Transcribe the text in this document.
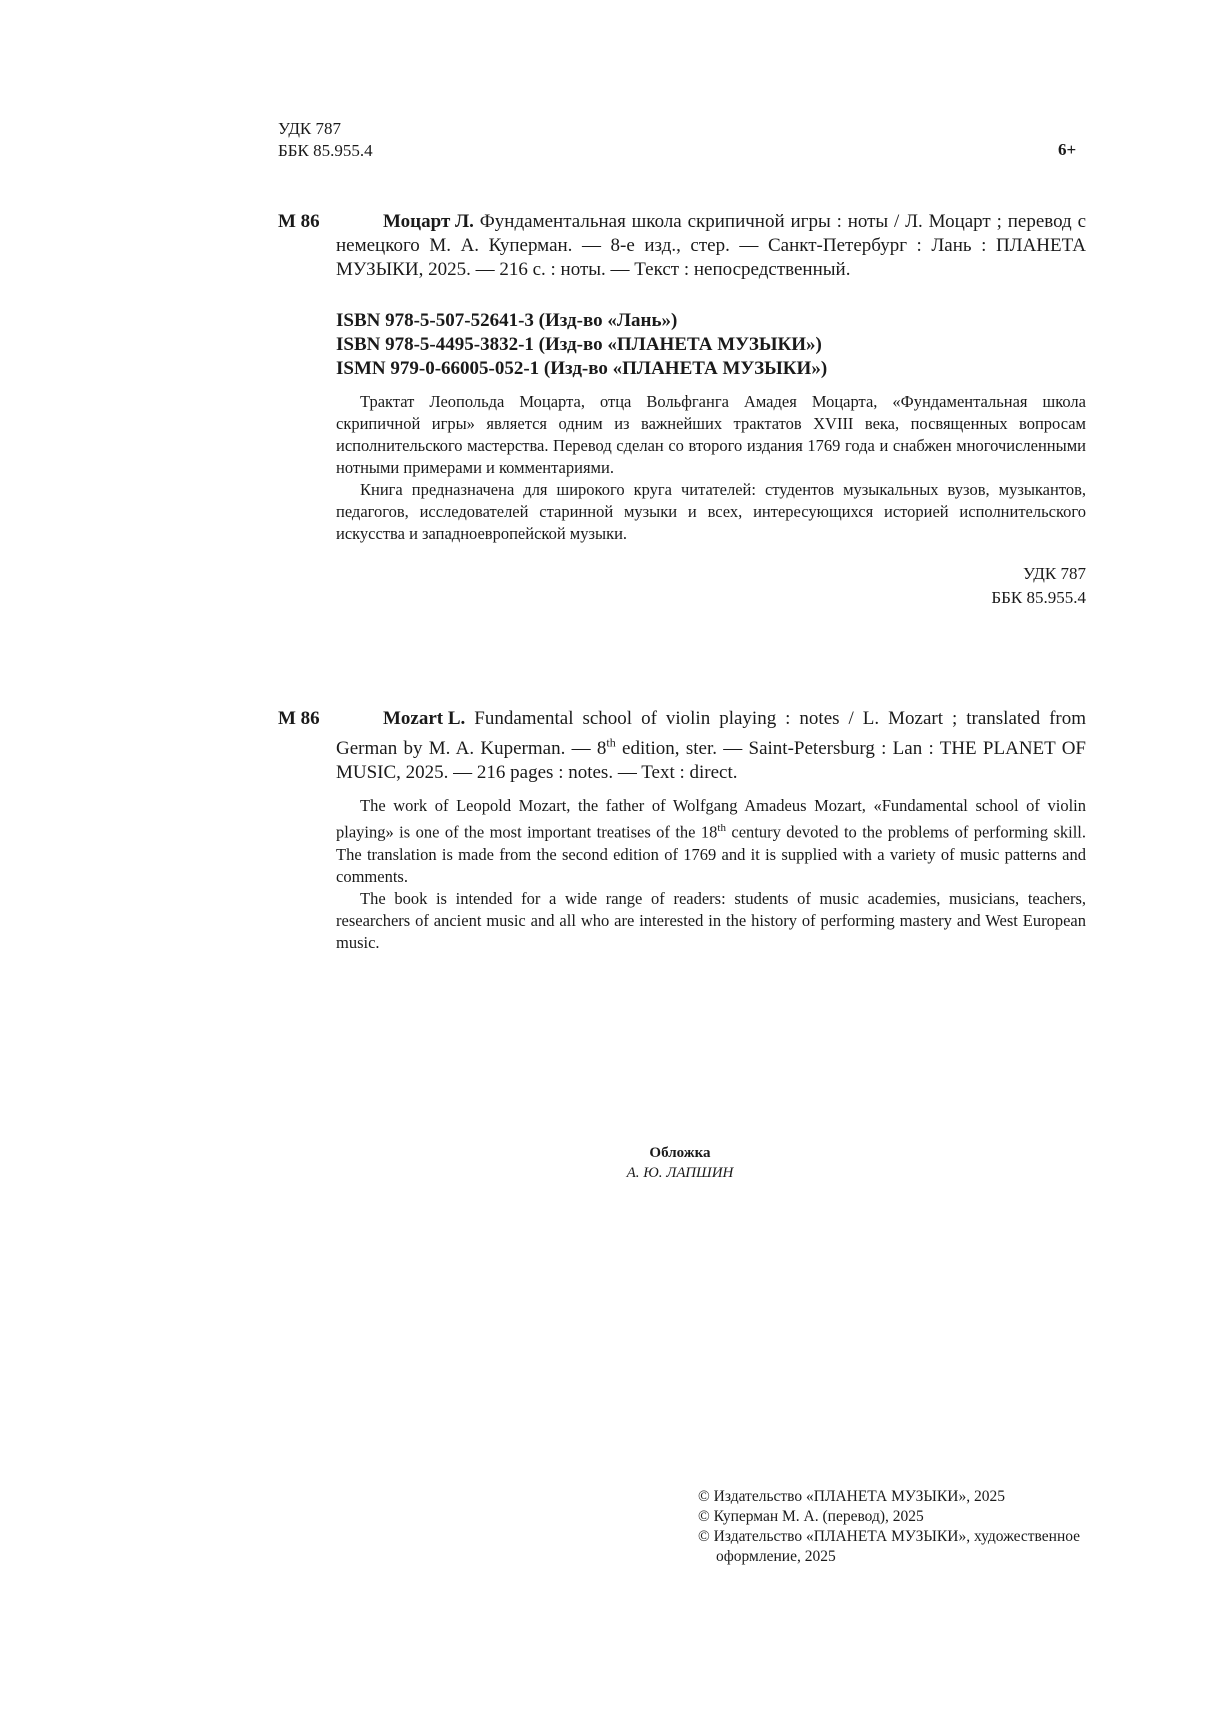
УДК 787
ББК 85.955.4	6+
М 86	Моцарт Л. Фундаментальная школа скрипичной игры : ноты / Л. Моцарт ; перевод с немецкого М. А. Куперман. — 8-е изд., стер. — Санкт-Петербург : Лань : ПЛАНЕТА МУЗЫКИ, 2025. — 216 с. : ноты. — Текст : непосредственный.
ISBN 978-5-507-52641-3 (Изд-во «Лань»)
ISBN 978-5-4495-3832-1 (Изд-во «ПЛАНЕТА МУЗЫКИ»)
ISMN 979-0-66005-052-1 (Изд-во «ПЛАНЕТА МУЗЫКИ»)

Трактат Леопольда Моцарта, отца Вольфганга Амадея Моцарта, «Фундаментальная школа скрипичной игры» является одним из важнейших трактатов XVIII века, посвященных вопросам исполнительского мастерства. Перевод сделан со второго издания 1769 года и снабжен многочисленными нотными примерами и комментариями.

Книга предназначена для широкого круга читателей: студентов музыкальных вузов, музыкантов, педагогов, исследователей старинной музыки и всех, интересующихся историей исполнительского искусства и западноевропейской музыки.

УДК 787
ББК 85.955.4
M 86	Mozart L. Fundamental school of violin playing : notes / L. Mozart ; translated from German by M. A. Kuperman. — 8th edition, ster. — Saint-Petersburg : Lan : THE PLANET OF MUSIC, 2025. — 216 pages : notes. — Text : direct.

The work of Leopold Mozart, the father of Wolfgang Amadeus Mozart, «Fundamental school of violin playing» is one of the most important treatises of the 18th century devoted to the problems of performing skill. The translation is made from the second edition of 1769 and it is supplied with a variety of music patterns and comments.

The book is intended for a wide range of readers: students of music academies, musicians, teachers, researchers of ancient music and all who are interested in the history of performing mastery and West European music.

Обложка
А. Ю. ЛАПШИН
© Издательство «ПЛАНЕТА МУЗЫКИ», 2025
© Куперман М. А. (перевод), 2025
© Издательство «ПЛАНЕТА МУЗЫКИ», художественное оформление, 2025
